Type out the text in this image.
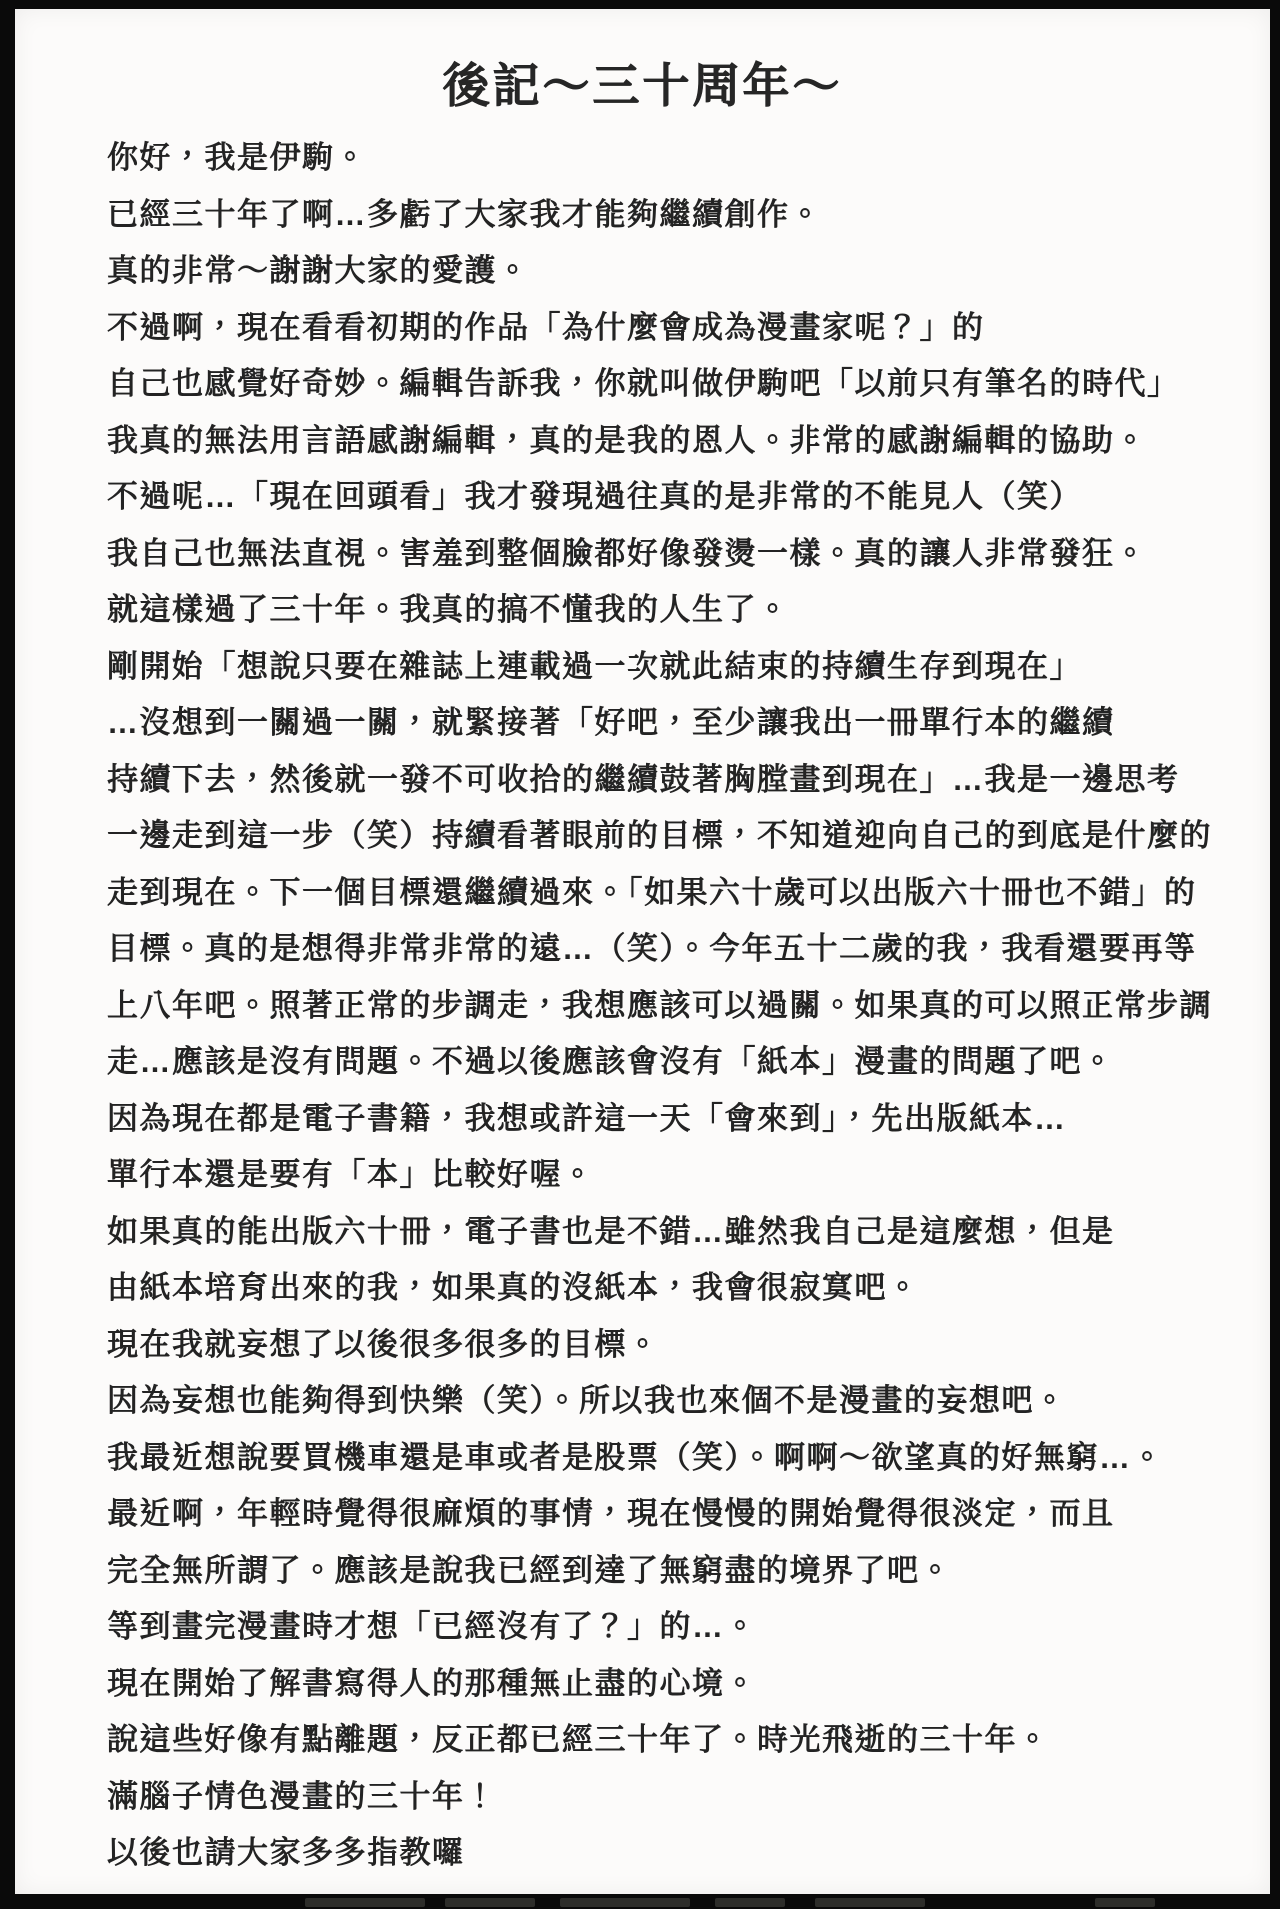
後記～三十周年～

你好，我是伊駒。

已經三十年了啊…多虧了大家我才能夠繼續創作。

真的非常～謝謝大家的愛護。

不過啊，現在看看初期的作品「為什麼會成為漫畫家呢？」的

自己也感覺好奇妙。編輯告訴我，你就叫做伊駒吧「以前只有筆名的時代」

我真的無法用言語感謝編輯，真的是我的恩人。非常的感謝編輯的協助。

不過呢…「現在回頭看」我才發現過往真的是非常的不能見人（笑）

我自己也無法直視。害羞到整個臉都好像發燙一樣。真的讓人非常發狂。

就這樣過了三十年。我真的搞不懂我的人生了。

剛開始「想說只要在雜誌上連載過一次就此結束的持續生存到現在」

…沒想到一關過一關，就緊接著「好吧，至少讓我出一冊單行本的繼續

持續下去，然後就一發不可收拾的繼續鼓著胸膛畫到現在」…我是一邊思考

一邊走到這一步（笑）持續看著眼前的目標，不知道迎向自己的到底是什麼的

走到現在。下一個目標還繼續過來。「如果六十歲可以出版六十冊也不錯」的

目標。真的是想得非常非常的遠…（笑）。今年五十二歲的我，我看還要再等

上八年吧。照著正常的步調走，我想應該可以過關。如果真的可以照正常步調

走…應該是沒有問題。不過以後應該會沒有「紙本」漫畫的問題了吧。

因為現在都是電子書籍，我想或許這一天「會來到」，先出版紙本…

單行本還是要有「本」比較好喔。

如果真的能出版六十冊，電子書也是不錯…雖然我自己是這麼想，但是

由紙本培育出來的我，如果真的沒紙本，我會很寂寞吧。

現在我就妄想了以後很多很多的目標。

因為妄想也能夠得到快樂（笑）。所以我也來個不是漫畫的妄想吧。

我最近想說要買機車還是車或者是股票（笑）。啊啊～欲望真的好無窮…。

最近啊，年輕時覺得很麻煩的事情，現在慢慢的開始覺得很淡定，而且

完全無所謂了。應該是說我已經到達了無窮盡的境界了吧。

等到畫完漫畫時才想「已經沒有了？」的…。

現在開始了解書寫得人的那種無止盡的心境。

說這些好像有點離題，反正都已經三十年了。時光飛逝的三十年。

滿腦子情色漫畫的三十年！

以後也請大家多多指教囉
